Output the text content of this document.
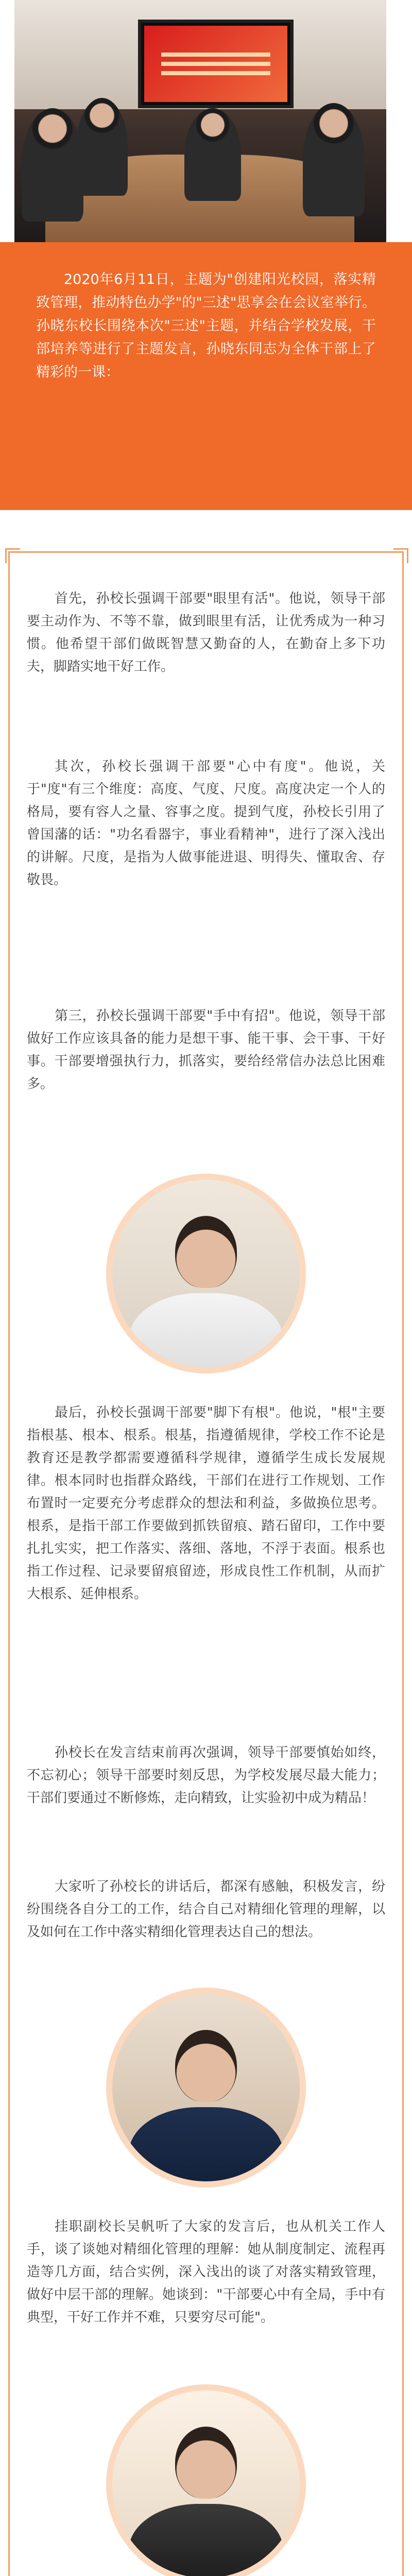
2020年6月11日，主题为"创建阳光校园，落实精致管理，推动特色办学"的"三述"思享会在会议室举行。孙晓东校长围绕本次"三述"主题，并结合学校发展，干部培养等进行了主题发言，孙晓东同志为全体干部上了精彩的一课：
首先，孙校长强调干部要"眼里有活"。他说，领导干部要主动作为、不等不靠，做到眼里有活，让优秀成为一种习惯。他希望干部们做既智慧又勤奋的人，在勤奋上多下功夫，脚踏实地干好工作。
其次，孙校长强调干部要"心中有度"。他说，关于"度"有三个维度：高度、气度、尺度。高度决定一个人的格局，要有容人之量、容事之度。提到气度，孙校长引用了曾国藩的话："功名看器宇，事业看精神"，进行了深入浅出的讲解。尺度，是指为人做事能进退、明得失、懂取舍、存敬畏。
第三，孙校长强调干部要"手中有招"。他说，领导干部做好工作应该具备的能力是想干事、能干事、会干事、干好事。干部要增强执行力，抓落实，要给经常信办法总比困难多。
最后，孙校长强调干部要"脚下有根"。他说，"根"主要指根基、根本、根系。根基，指遵循规律，学校工作不论是教育还是教学都需要遵循科学规律，遵循学生成长发展规律。根本同时也指群众路线，干部们在进行工作规划、工作布置时一定要充分考虑群众的想法和利益，多做换位思考。根系，是指干部工作要做到抓铁留痕、踏石留印，工作中要扎扎实实，把工作落实、落细、落地，不浮于表面。根系也指工作过程、记录要留痕留迹，形成良性工作机制，从而扩大根系、延伸根系。
孙校长在发言结束前再次强调，领导干部要慎始如终，不忘初心；领导干部要时刻反思，为学校发展尽最大能力；干部们要通过不断修炼，走向精致，让实验初中成为精品！
大家听了孙校长的讲话后，都深有感触，积极发言，纷纷围绕各自分工的工作，结合自己对精细化管理的理解，以及如何在工作中落实精细化管理表达自己的想法。
挂职副校长吴帆听了大家的发言后，也从机关工作人手，谈了谈她对精细化管理的理解：她从制度制定、流程再造等几方面，结合实例，深入浅出的谈了对落实精致管理，做好中层干部的理解。她谈到："干部要心中有全局，手中有典型，干好工作并不难，只要穷尽可能"。
